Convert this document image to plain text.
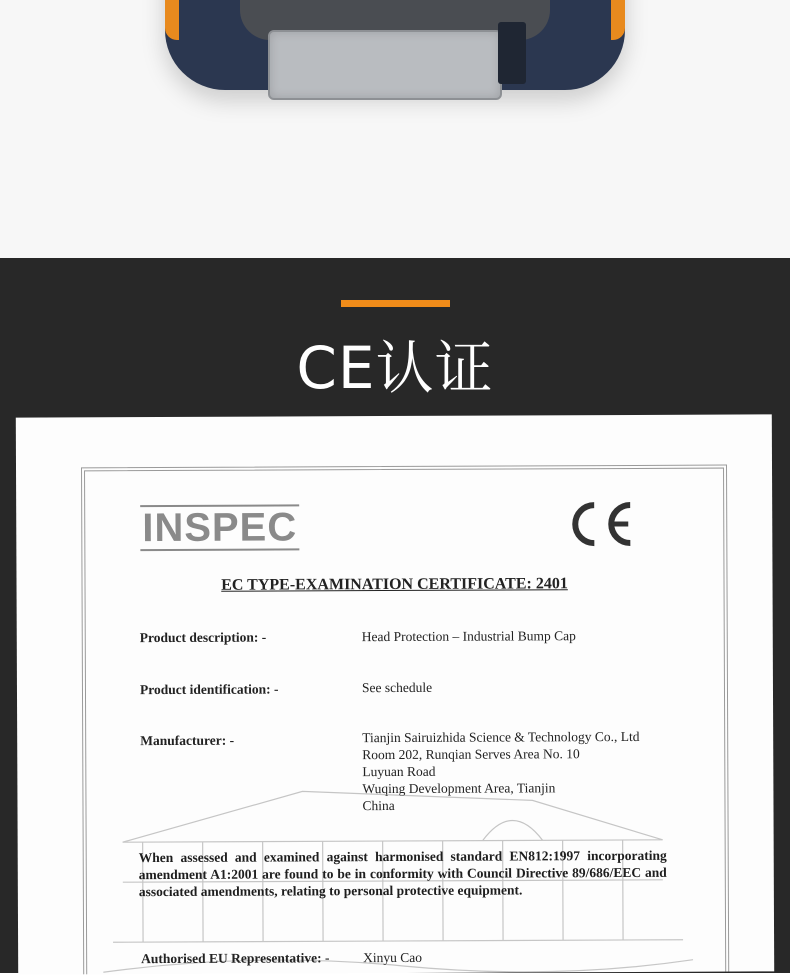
CE认证
INSPEC
EC TYPE-EXAMINATION CERTIFICATE: 2401
Product description: -	Head Protection – Industrial Bump Cap
Product identification: -	See schedule
Manufacturer: -	Tianjin Sairuizhida Science & Technology Co., Ltd
Room 202, Runqian Serves Area No. 10
Luyuan Road
Wuqing Development Area, Tianjin
China
When assessed and examined against harmonised standard EN812:1997 incorporating amendment A1:2001 are found to be in conformity with Council Directive 89/686/EEC and associated amendments, relating to personal protective equipment.
Authorised EU Representative: - Xinyu Cao
